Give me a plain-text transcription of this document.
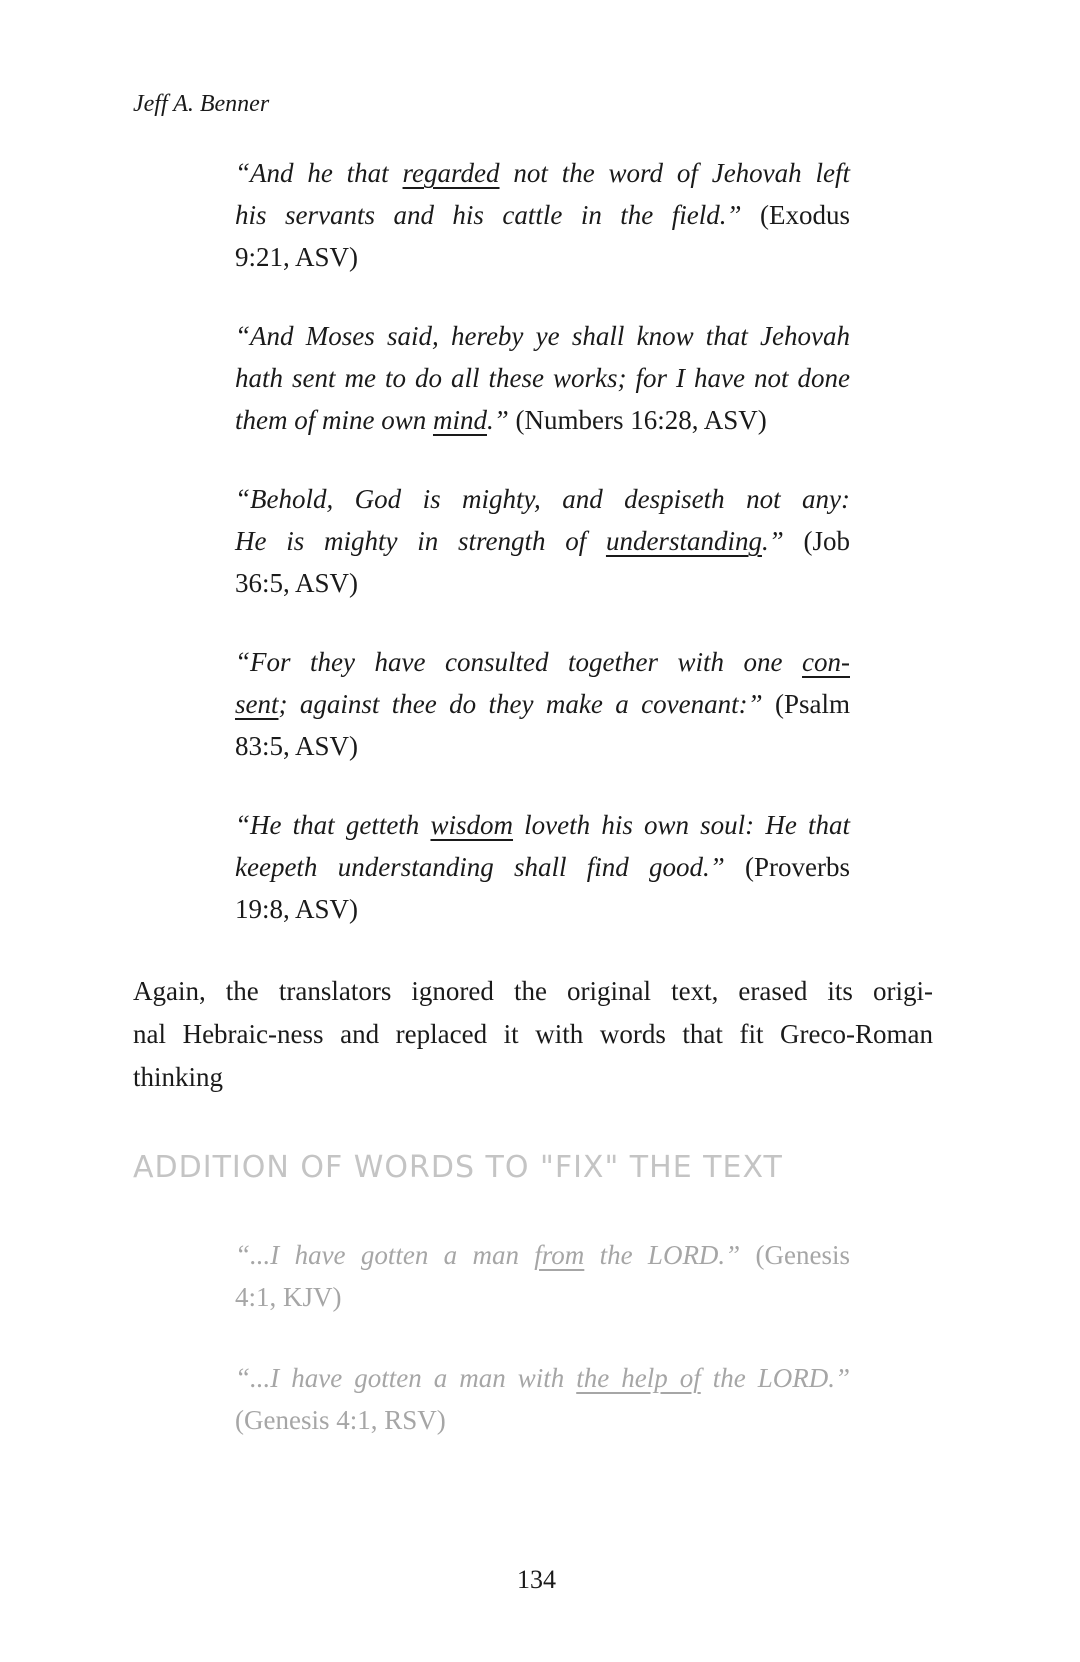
Jeff A. Benner
“And he that regarded not the word of Jehovah left
his servants and his cattle in the field.” (Exodus
9:21, ASV)
“And Moses said, hereby ye shall know that Jehovah
hath sent me to do all these works; for I have not done
them of mine own mind.” (Numbers 16:28, ASV)
“Behold, God is mighty, and despiseth not any:
He is mighty in strength of understanding.” (Job
36:5, ASV)
“For they have consulted together with one con-
sent; against thee do they make a covenant:” (Psalm
83:5, ASV)
“He that getteth wisdom loveth his own soul: He that
keepeth understanding shall find good.” (Proverbs
19:8, ASV)
Again, the translators ignored the original text, erased its origi-
nal Hebraic-ness and replaced it with words that fit Greco-Roman
thinking
ADDITION OF WORDS TO "FIX" THE TEXT
“...I have gotten a man from the LORD.” (Genesis
4:1, KJV)
“...I have gotten a man with the help of the LORD.”
(Genesis 4:1, RSV)
134
